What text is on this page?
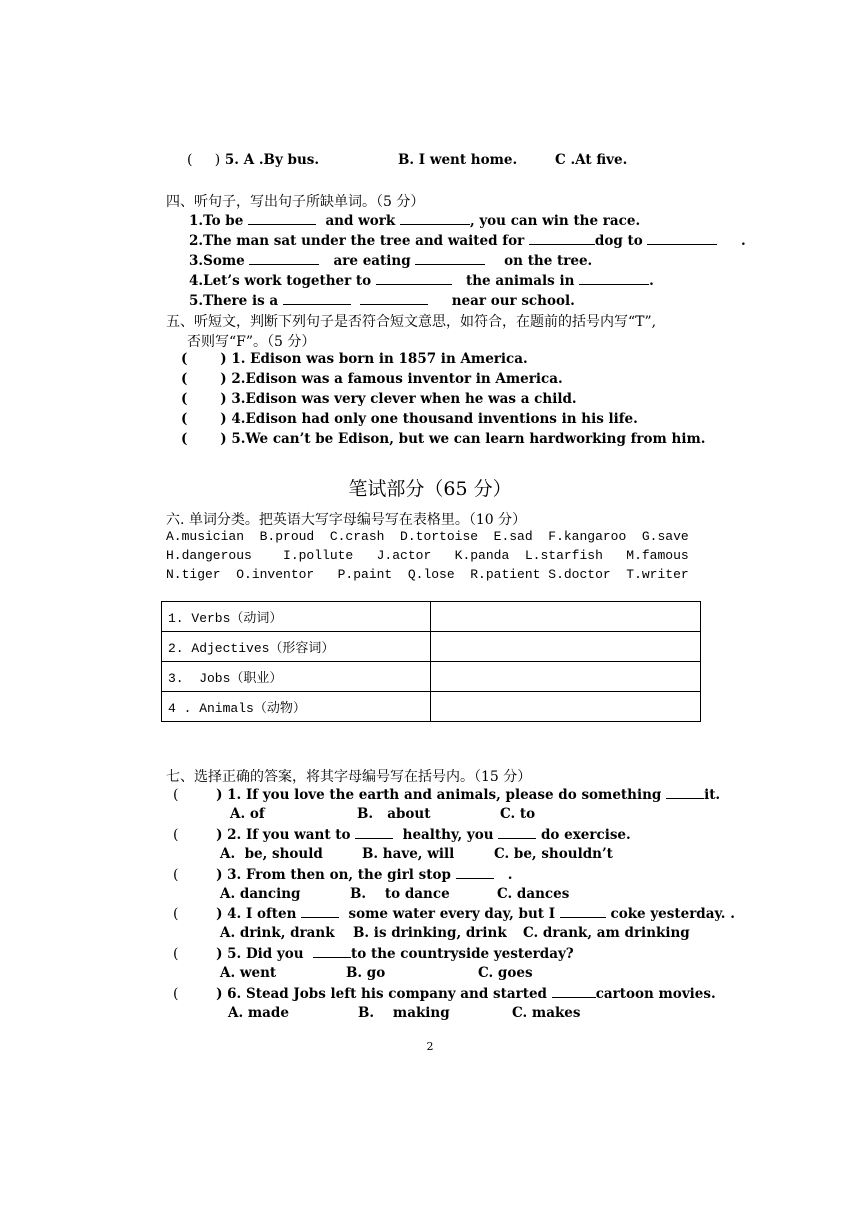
(     ) 5. A .By bus.	B. I went home.	C .At five.
四、听句子，写出句子所缺单词。（5 分）
1.To be	and work	, you can win the race.
2.The man sat under the tree and waited for	dog to	.
3.Some	are eating	on the tree.
4.Let’s work together to	the animals in	.
5.There is a	near our school.
五、听短文，判断下列句子是否符合短文意思，如符合，在题前的括号内写“T”,
否则写“F”。（5 分）
(       ) 1. Edison was born in 1857 in America.
(       ) 2.Edison was a famous inventor in America.
(       ) 3.Edison was very clever when he was a child.
(       ) 4.Edison had only one thousand inventions in his life.
(       ) 5.We can’t be Edison, but we can learn hardworking from him.
笔试部分（65 分）
六. 单词分类。把英语大写字母编号写在表格里。（10 分）
A.musician  B.proud  C.crash  D.tortoise  E.sad  F.kangaroo  G.save
H.dangerous    I.pollute   J.actor   K.panda  L.starfish   M.famous
N.tiger  O.inventor   P.paint  Q.lose  R.patient S.doctor  T.writer
1. Verbs（动词）	
2. Adjectives（形容词）	
3.  Jobs（职业）	
4 . Animals（动物）	
七、选择正确的答案，将其字母编号写在括号内。（15 分）
(	) 1. If you love the earth and animals, please do something	it.
A. of	B.   about	C. to
(	) 2. If you want to	healthy, you	do exercise.
A.  be, should	B. have, will	C. be, shouldn’t
(	) 3. From then on, the girl stop	.
A. dancing	B.    to dance	C. dances
(	) 4. I often	some water every day, but I	coke yesterday. .
A. drink, drank B. is drinking, drink C. drank, am drinking
(	) 5. Did you	to the countryside yesterday?
A. went	B. go	C. goes
(	) 6. Stead Jobs left his company and started	cartoon movies.
A. made	B.    making	C. makes
2
